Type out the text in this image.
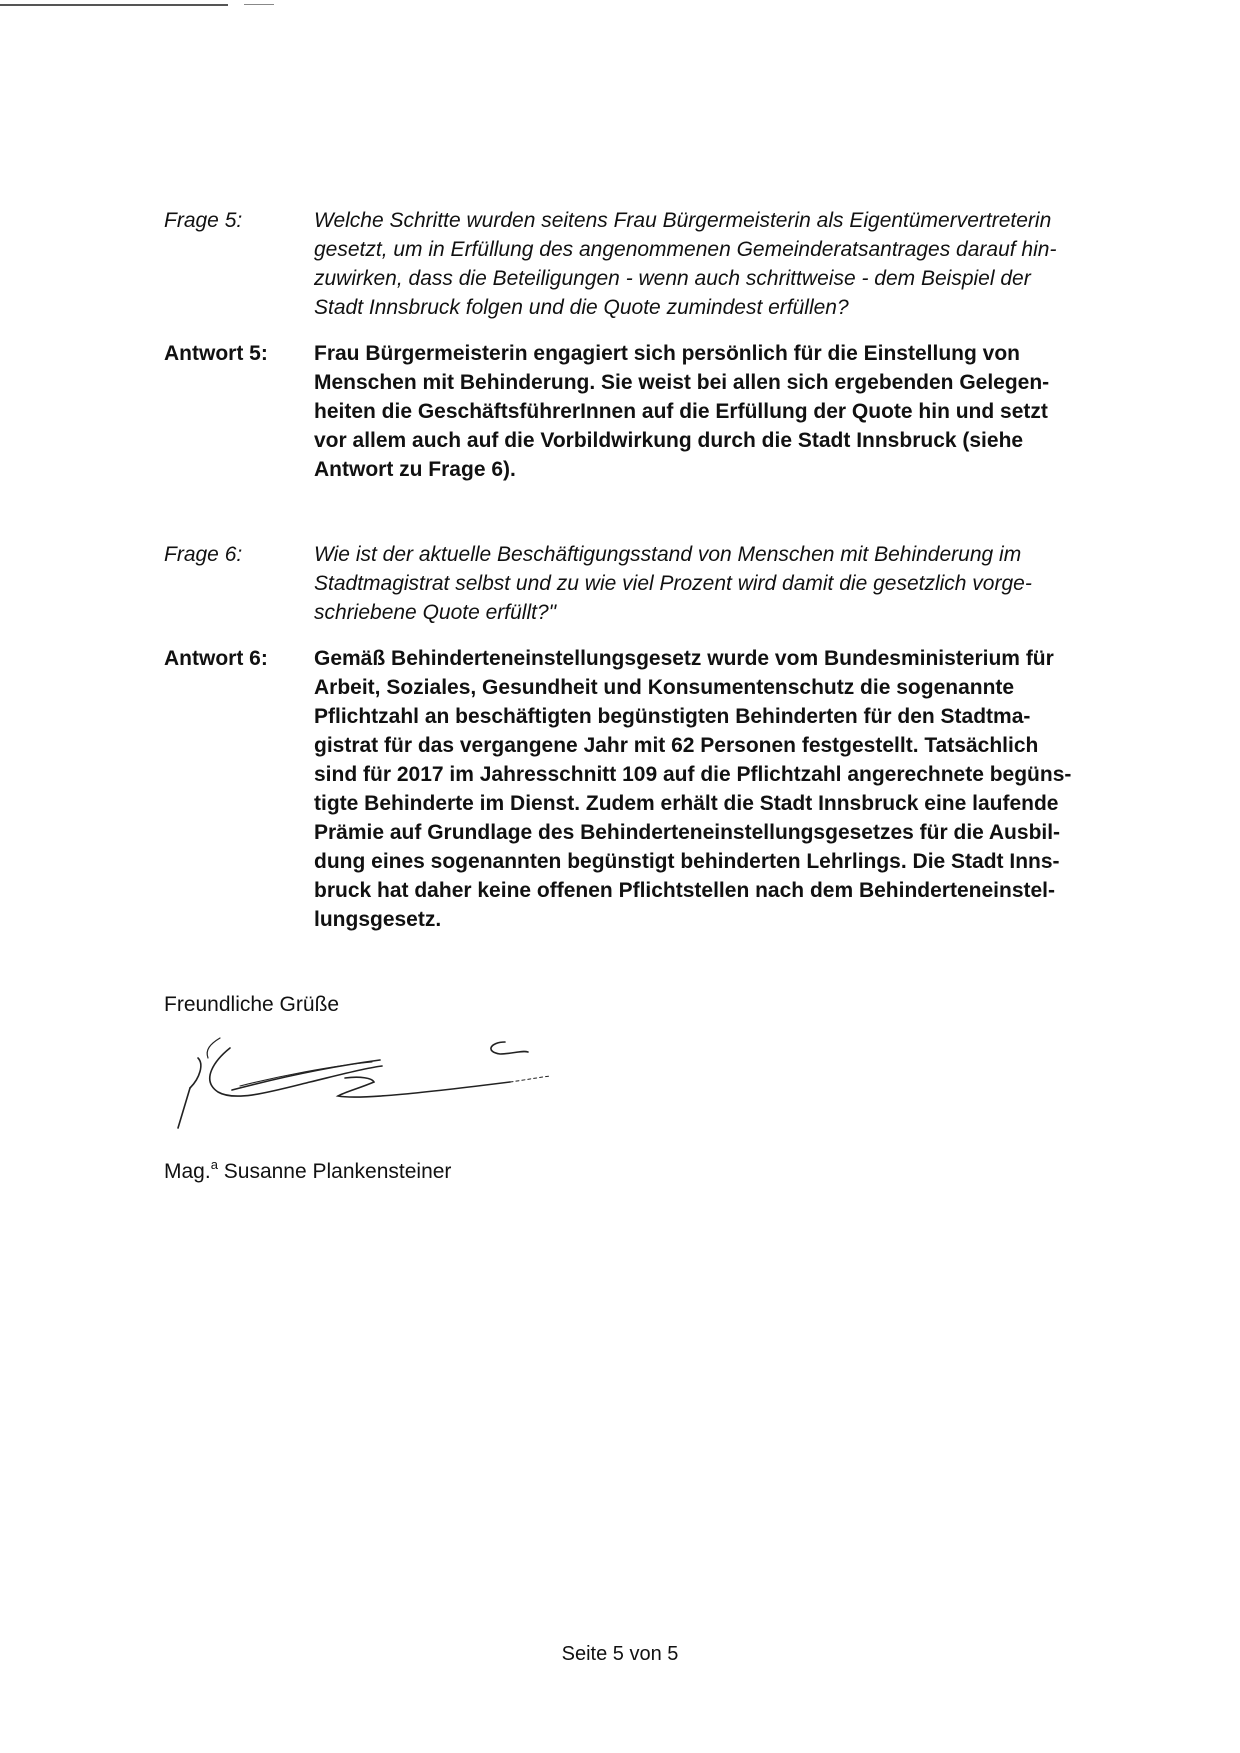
Frage 5:	Welche Schritte wurden seitens Frau Bürgermeisterin als Eigentümervertreterin
gesetzt, um in Erfüllung des angenommenen Gemeinderatsantrages darauf hin-
zuwirken, dass die Beteiligungen - wenn auch schrittweise - dem Beispiel der
Stadt Innsbruck folgen und die Quote zumindest erfüllen?
Antwort 5:	Frau Bürgermeisterin engagiert sich persönlich für die Einstellung von
Menschen mit Behinderung. Sie weist bei allen sich ergebenden Gelegen-
heiten die GeschäftsführerInnen auf die Erfüllung der Quote hin und setzt
vor allem auch auf die Vorbildwirkung durch die Stadt Innsbruck (siehe
Antwort zu Frage 6).
Frage 6:	Wie ist der aktuelle Beschäftigungsstand von Menschen mit Behinderung im
Stadtmagistrat selbst und zu wie viel Prozent wird damit die gesetzlich vorge-
schriebene Quote erfüllt?"
Antwort 6:	Gemäß Behinderteneinstellungsgesetz wurde vom Bundesministerium für
Arbeit, Soziales, Gesundheit und Konsumentenschutz die sogenannte
Pflichtzahl an beschäftigten begünstigten Behinderten für den Stadtma-
gistrat für das vergangene Jahr mit 62 Personen festgestellt. Tatsächlich
sind für 2017 im Jahresschnitt 109 auf die Pflichtzahl angerechnete begüns-
tigte Behinderte im Dienst. Zudem erhält die Stadt Innsbruck eine laufende
Prämie auf Grundlage des Behinderteneinstellungsgesetzes für die Ausbil-
dung eines sogenannten begünstigt behinderten Lehrlings. Die Stadt Inns-
bruck hat daher keine offenen Pflichtstellen nach dem Behinderteneinstel-
lungsgesetz.
Freundliche Grüße
Mag.$^a$ Susanne Plankensteiner
Seite 5 von 5
